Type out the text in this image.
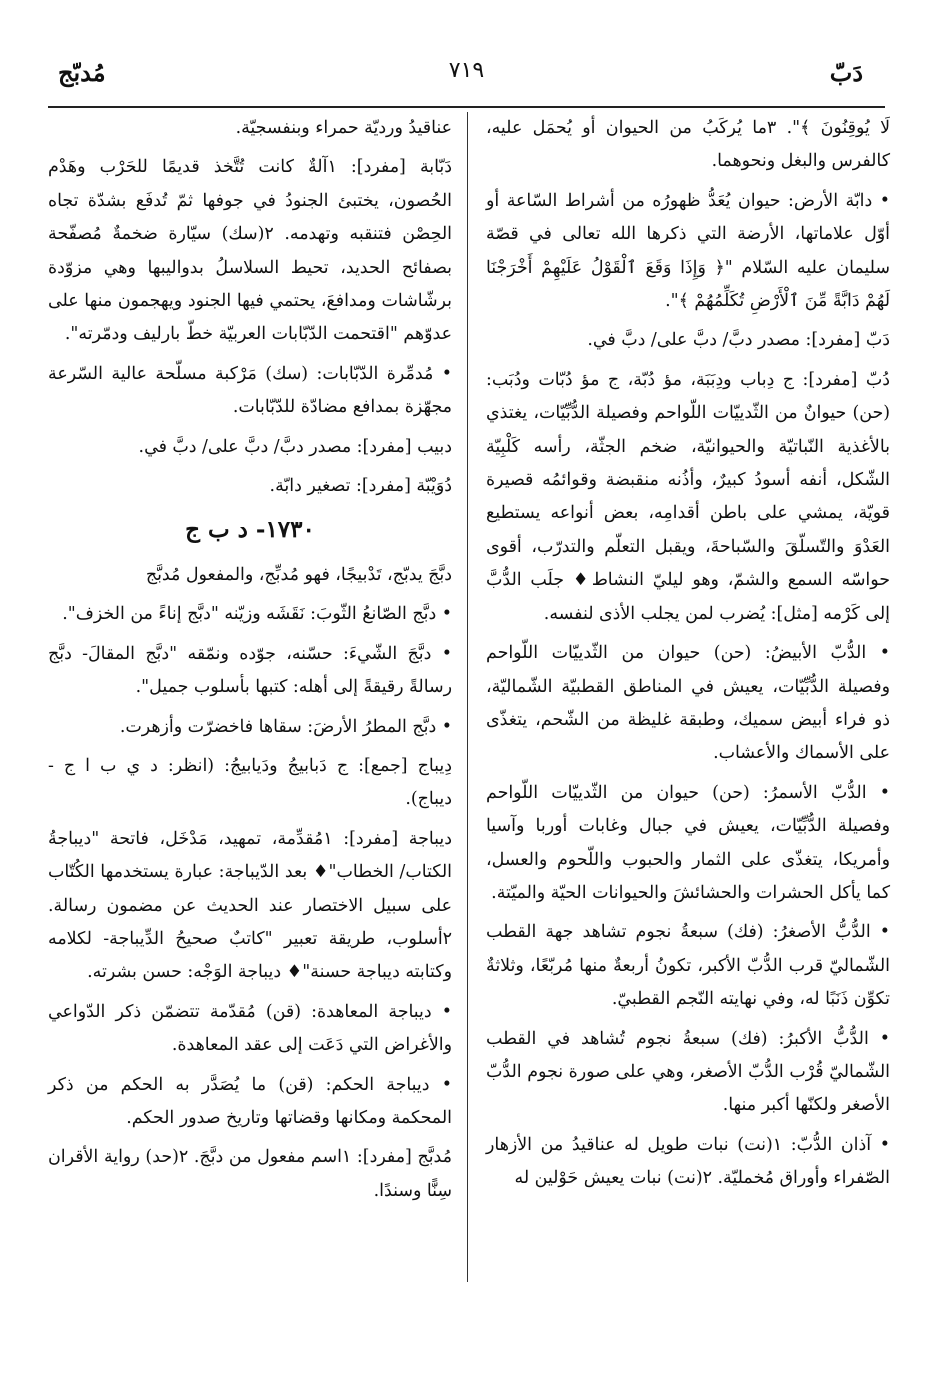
دَبّ
٧١٩
مُدبّج

لَا يُوقِنُونَ ﴾". ٣ما يُركَبُ من الحيوان أو يُحمَل عليه، كالفرس والبغل ونحوهما.

• دابّة الأرض: حيوان يُعَدُّ ظهورُه من أشراط السّاعة أو أوّل علاماتها، الأرضة التي ذكرها الله تعالى في قصّة سليمان عليه السّلام "﴿ وَإِذَا وَقَعَ ٱلْقَوْلُ عَلَيْهِمْ أَخْرَجْنَا لَهُمْ دَابَّةً مِّنَ ٱلْأَرْضِ تُكَلِّمُهُمْ ﴾".

دَبّ [مفرد]: مصدر دبَّ/ دبَّ على/ دبَّ في.

دُبّ [مفرد]: ج دِباب ودِبَبَة، مؤ دُبّة، ج مؤ دُبّات ودُبَب: (حن) حيوانٌ من الثّدييّات اللّواحم وفصيلة الدُّبِّيّات، يغتذي بالأغذية النّباتيّة والحيوانيّة، ضخم الجثّة، رأسه كَلْبِيّة الشّكل، أنفه أسودُ كبيرٌ، وأذُنه منقبضة وقوائمُه قصيرة قويّة، يمشي على باطن أقدامِه، بعض أنواعه يستطيع العَدْوَ والتّسلّقَ والسّباحةَ، ويقبل التعلّم والتدرّب، أقوى حواسّه السمع والشمّ، وهو ليليّ النشاط♦ جلَب الدُّبَّ إلى كَرْمه [مثل]: يُضرب لمن يجلب الأذى لنفسه.

• الدُّبّ الأبيضُ: (حن) حيوان من الثّدييّات اللّواحم وفصيلة الدُّبِّيّات، يعيش في المناطق القطبيّة الشّماليّة، ذو فراء أبيض سميك، وطبقة غليظة من الشّحم، يتغذّى على الأسماك والأعشاب.

• الدُّبّ الأسمرُ: (حن) حيوان من الثّدييّات اللّواحم وفصيلة الدُّبِّيّات، يعيش في جبال وغابات أوربا وآسيا وأمريكا، يتغذّى على الثمار والحبوب واللّحوم والعسل، كما يأكل الحشرات والحشائشَ والحيوانات الحيّة والميّتة.

• الدُّبُّ الأصغرُ: (فك) سبعةُ نجوم تشاهد جهة القطب الشّماليّ قرب الدُّبّ الأكبر، تكونُ أربعةٌ منها مُربّعًا، وثلاثةٌ تكوِّن ذَنَبًا له، وفي نهايته النّجم القطبيّ.

• الدُّبُّ الأكبرُ: (فك) سبعةُ نجوم تُشاهد في القطب الشّماليّ قُرْب الدُّبّ الأصغر، وهي على صورة نجوم الدُّبّ الأصغر ولكنّها أكبر منها.

• آذان الدُّبّ: ١(نت) نبات طويل له عناقيدُ من الأزهار الصّفراء وأوراق مُخمليّة. ٢(نت) نبات يعيش حَوْلين له

عناقيدُ ورديّة حمراء وبنفسجيّة.

دَبّابة [مفرد]: ١آلةٌ كانت تُتَّخذ قديمًا للحَرْب وهَدْم الحُصون، يختبئ الجنودُ في جوفها ثمّ تُدفَع بشدّة تجاه الحِصْن فتنقبه وتهدمه. ٢(سك) سيّارة ضخمةٌ مُصفّحة بصفائح الحديد، تحيط السلاسلُ بدواليبها وهي مزوّدة برشّاشات ومدافعَ، يحتمي فيها الجنود ويهجمون منها على عدوّهم "اقتحمت الدّبّابات العربيّة خطّ بارليف ودمّرته".

• مُدمِّرة الدّبّابات: (سك) مَرْكبة مسلّحة عالية السّرعة مجهّزة بمدافع مضادّة للدّبّابات.

دبيب [مفرد]: مصدر دبَّ/ دبَّ على/ دبَّ في.

دُوَيْبّة [مفرد]: تصغير دابّة.

١٧٣٠- د ب ج

دبَّجَ يدبّج، تَدْبيجًا، فهو مُدبِّج، والمفعول مُدبَّج

• دبَّج الصّانعُ الثّوبَ: نَقَشَه وزيّنه "دبَّج إناءً من الخزف".

• دبَّجَ الشّيءَ: حسّنه، جوّده ونمّقه "دبَّج المقالَ- دبَّج رسالةً رقيقةً إلى أهله: كتبها بأسلوب جميل".

• دبَّج المطرُ الأرضَ: سقاها فاخضرّت وأزهرت.

دِيباج [جمع]: ج دَبابيجُ ودَيابيجُ: (انظر: د ي ب ا ج - ديباج).

ديباجة [مفرد]: ١مُقدِّمة، تمهيد، مَدْخَل، فاتحة "ديباجةُ الكتاب/ الخطاب"♦ بعد الدّيباجة: عبارة يستخدمها الكُتّاب على سبيل الاختصار عند الحديث عن مضمون رسالة. ٢أسلوب، طريقة تعبير "كاتبٌ صحيحُ الدِّيباجة- لكلامه وكتابته ديباجة حسنة"♦ ديباجة الوَجْه: حسن بشرته.

• ديباجة المعاهدة: (قن) مُقدّمة تتضمّن ذكر الدّواعي والأغراض التي دَعَت إلى عقد المعاهدة.

• ديباجة الحكم: (قن) ما يُصَدَّر به الحكم من ذكر المحكمة ومكانها وقضاتها وتاريخ صدور الحكم.

مُدبَّج [مفرد]: ١اسم مفعول من دبَّجَ. ٢(حد) رواية الأقران سِنًّا وسندًا.
